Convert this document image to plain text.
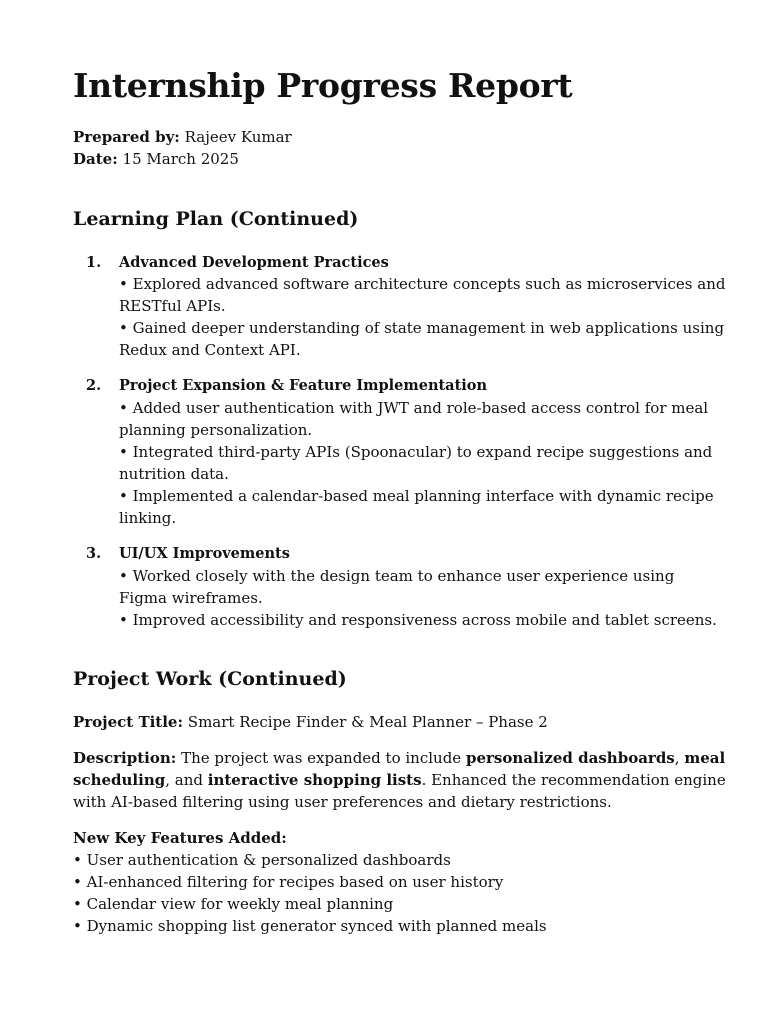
Internship Progress Report
Prepared by: Rajeev Kumar
Date: 15 March 2025
Learning Plan (Continued)
1. Advanced Development Practices
• Explored advanced software architecture concepts such as microservices and
RESTful APIs.
• Gained deeper understanding of state management in web applications using
Redux and Context API.
2. Project Expansion & Feature Implementation
• Added user authentication with JWT and role-based access control for meal
planning personalization.
• Integrated third-party APIs (Spoonacular) to expand recipe suggestions and
nutrition data.
• Implemented a calendar-based meal planning interface with dynamic recipe
linking.
3. UI/UX Improvements
• Worked closely with the design team to enhance user experience using
Figma wireframes.
• Improved accessibility and responsiveness across mobile and tablet screens.
Project Work (Continued)
Project Title: Smart Recipe Finder & Meal Planner – Phase 2
Description: The project was expanded to include personalized dashboards, meal
scheduling, and interactive shopping lists. Enhanced the recommendation engine
with AI-based filtering using user preferences and dietary restrictions.
New Key Features Added:
• User authentication & personalized dashboards
• AI-enhanced filtering for recipes based on user history
• Calendar view for weekly meal planning
• Dynamic shopping list generator synced with planned meals
